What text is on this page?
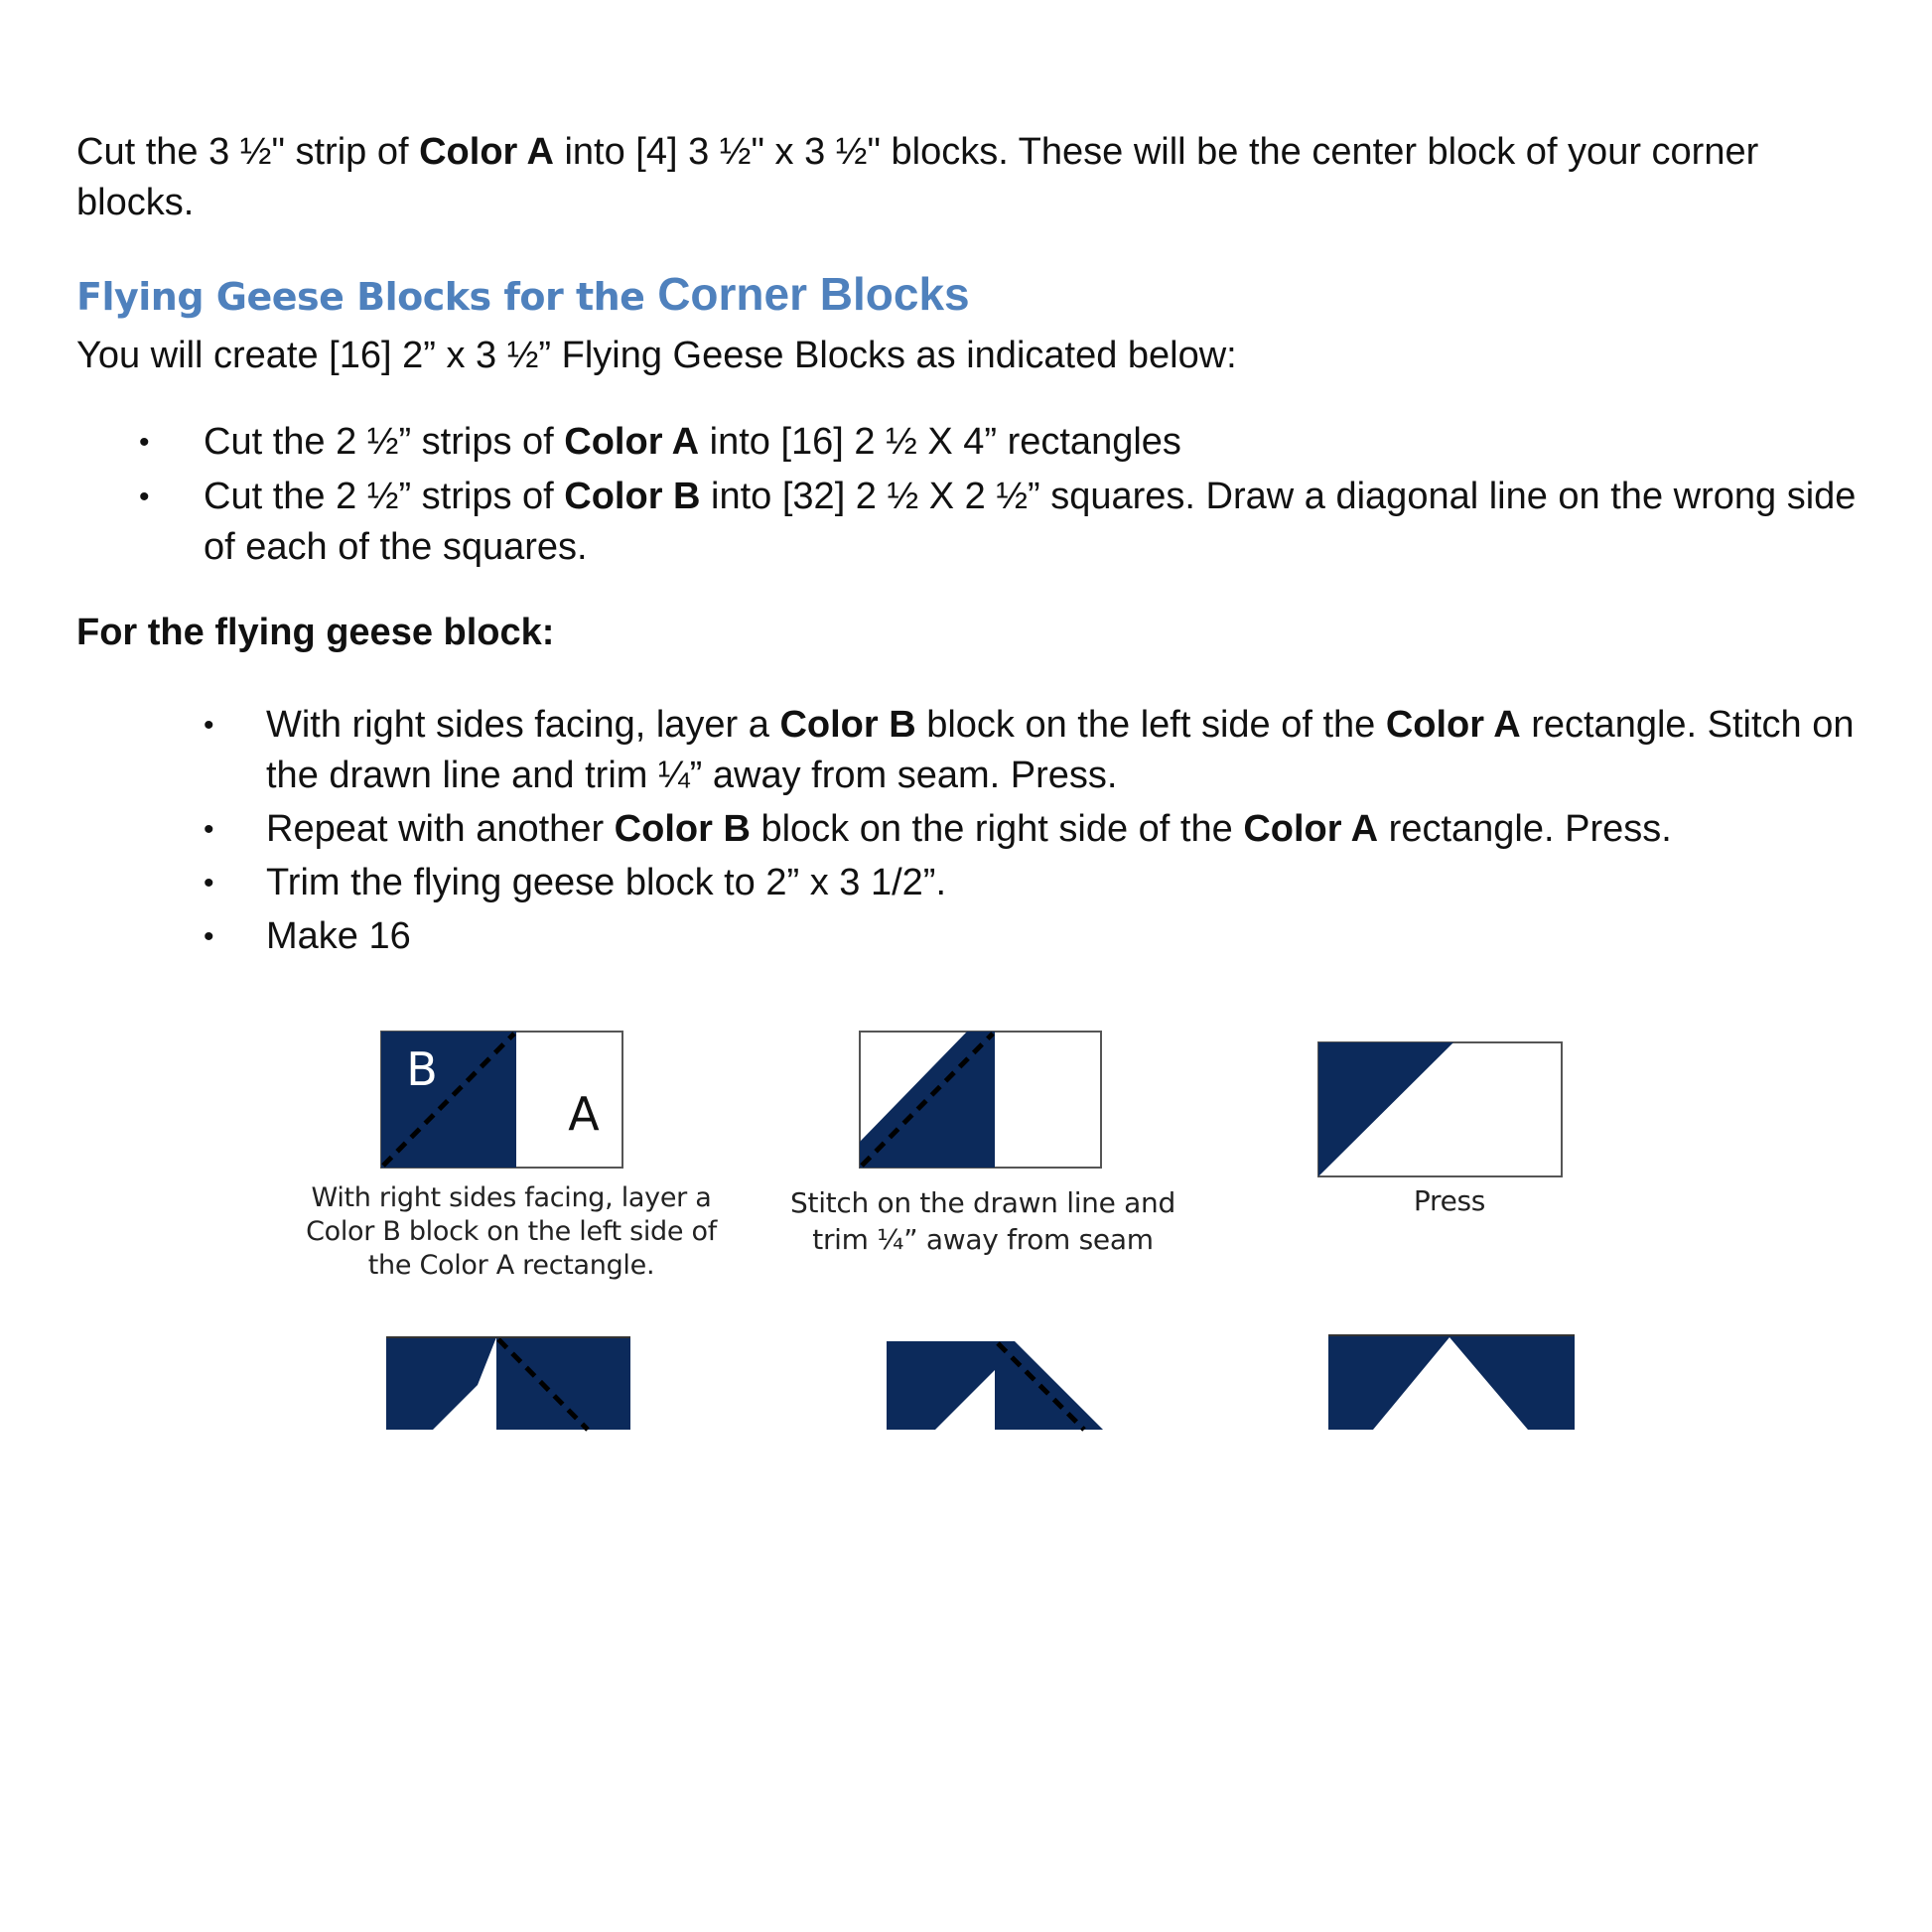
Cut the 3 ½" strip of Color A into [4] 3 ½" x 3 ½" blocks. These will be the center block of your corner blocks.

Flying Geese Blocks for the Corner Blocks

You will create [16] 2” x 3 ½” Flying Geese Blocks as indicated below:

• Cut the 2 ½” strips of Color A into [16] 2 ½ X 4” rectangles
• Cut the 2 ½” strips of Color B into [32] 2 ½ X 2 ½” squares. Draw a diagonal line on the wrong side of each of the squares.

For the flying geese block:

• With right sides facing, layer a Color B block on the left side of the Color A rectangle. Stitch on the drawn line and trim ¼” away from seam. Press.
• Repeat with another Color B block on the right side of the Color A rectangle. Press.
• Trim the flying geese block to 2” x 3 1/2”.
• Make 16
B
A

With right sides facing, layer a
Color B block on the left side of
the Color A rectangle.

Stitch on the drawn line and
trim ¼” away from seam

Press
